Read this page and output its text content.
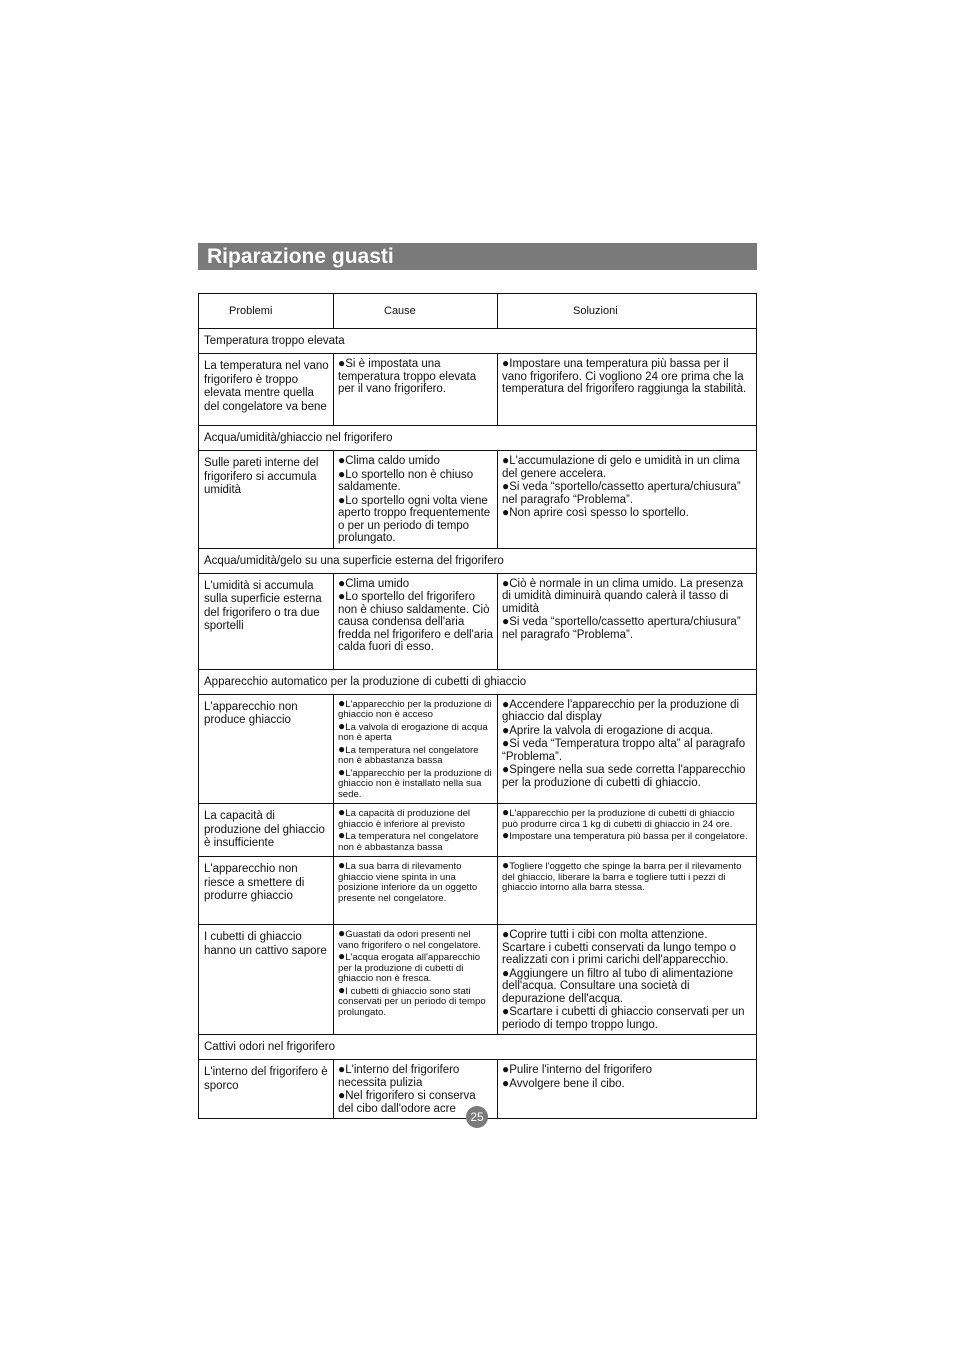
Riparazione guasti
Problemi	Cause	Soluzioni
Temperatura troppo elevata
La temperatura nel vano frigorifero è troppo elevata mentre quella del congelatore va bene
●Si è impostata una temperatura troppo elevata per il vano frigorifero.
●Impostare una temperatura più bassa per il vano frigorifero. Ci vogliono 24 ore prima che la temperatura del frigorifero raggiunga la stabilità.
Acqua/umidità/ghiaccio nel frigorifero
Sulle pareti interne del frigorifero si accumula umidità
●Clima caldo umido
●Lo sportello non è chiuso saldamente.
●Lo sportello ogni volta viene aperto troppo frequentemente o per un periodo di tempo prolungato.
●L'accumulazione di gelo e umidità in un clima del genere accelera.
●Si veda “sportello/cassetto apertura/chiusura” nel paragrafo “Problema”.
●Non aprire così spesso lo sportello.
Acqua/umidità/gelo su una superficie esterna del frigorifero
L'umidità si accumula sulla superficie esterna del frigorifero o tra due sportelli
●Clima umido
●Lo sportello del frigorifero non è chiuso saldamente. Ciò causa condensa dell'aria fredda nel frigorifero e dell'aria calda fuori di esso.
●Ciò è normale in un clima umido. La presenza di umidità diminuirà quando calerà il tasso di umidità
●Si veda “sportello/cassetto apertura/chiusura” nel paragrafo “Problema”.
Apparecchio automatico per la produzione di cubetti di ghiaccio
L'apparecchio non produce ghiaccio
●L'apparecchio per la produzione di ghiaccio non è acceso
●La valvola di erogazione di acqua non è aperta
●La temperatura nel congelatore non è abbastanza bassa
●L'apparecchio per la produzione di ghiaccio non è installato nella sua sede.
●Accendere l'apparecchio per la produzione di ghiaccio dal display
●Aprire la valvola di erogazione di acqua.
●Si veda “Temperatura troppo alta” al paragrafo “Problema”.
●Spingere nella sua sede corretta l'apparecchio per la produzione di cubetti di ghiaccio.
La capacità di produzione del ghiaccio è insufficiente
●La capacità di produzione del ghiaccio è inferiore al previsto
●La temperatura nel congelatore non è abbastanza bassa
●L'apparecchio per la produzione di cubetti di ghiaccio può produrre circa 1 kg di cubetti di ghiaccio in 24 ore.
●Impostare una temperatura più bassa per il congelatore.
L'apparecchio non riesce a smettere di produrre ghiaccio
●La sua barra di rilevamento ghiaccio viene spinta in una posizione inferiore da un oggetto presente nel congelatore.
●Togliere l'oggetto che spinge la barra per il rilevamento del ghiaccio, liberare la barra e togliere tutti i pezzi di ghiaccio intorno alla barra stessa.
I cubetti di ghiaccio hanno un cattivo sapore
●Guastati da odori presenti nel vano frigorifero o nel congelatore.
●L'acqua erogata all'apparecchio per la produzione di cubetti di ghiaccio non è fresca.
●I cubetti di ghiaccio sono stati conservati per un periodo di tempo prolungato.
●Coprire tutti i cibi con molta attenzione. Scartare i cubetti conservati da lungo tempo o realizzati con i primi carichi dell'apparecchio.
●Aggiungere un filtro al tubo di alimentazione dell'acqua. Consultare una società di depurazione dell'acqua.
●Scartare i cubetti di ghiaccio conservati per un periodo di tempo troppo lungo.
Cattivi odori nel frigorifero
L'interno del frigorifero è sporco
●L'interno del frigorifero necessita pulizia
●Nel frigorifero si conserva del cibo dall'odore acre
●Pulire l'interno del frigorifero
●Avvolgere bene il cibo.
25
